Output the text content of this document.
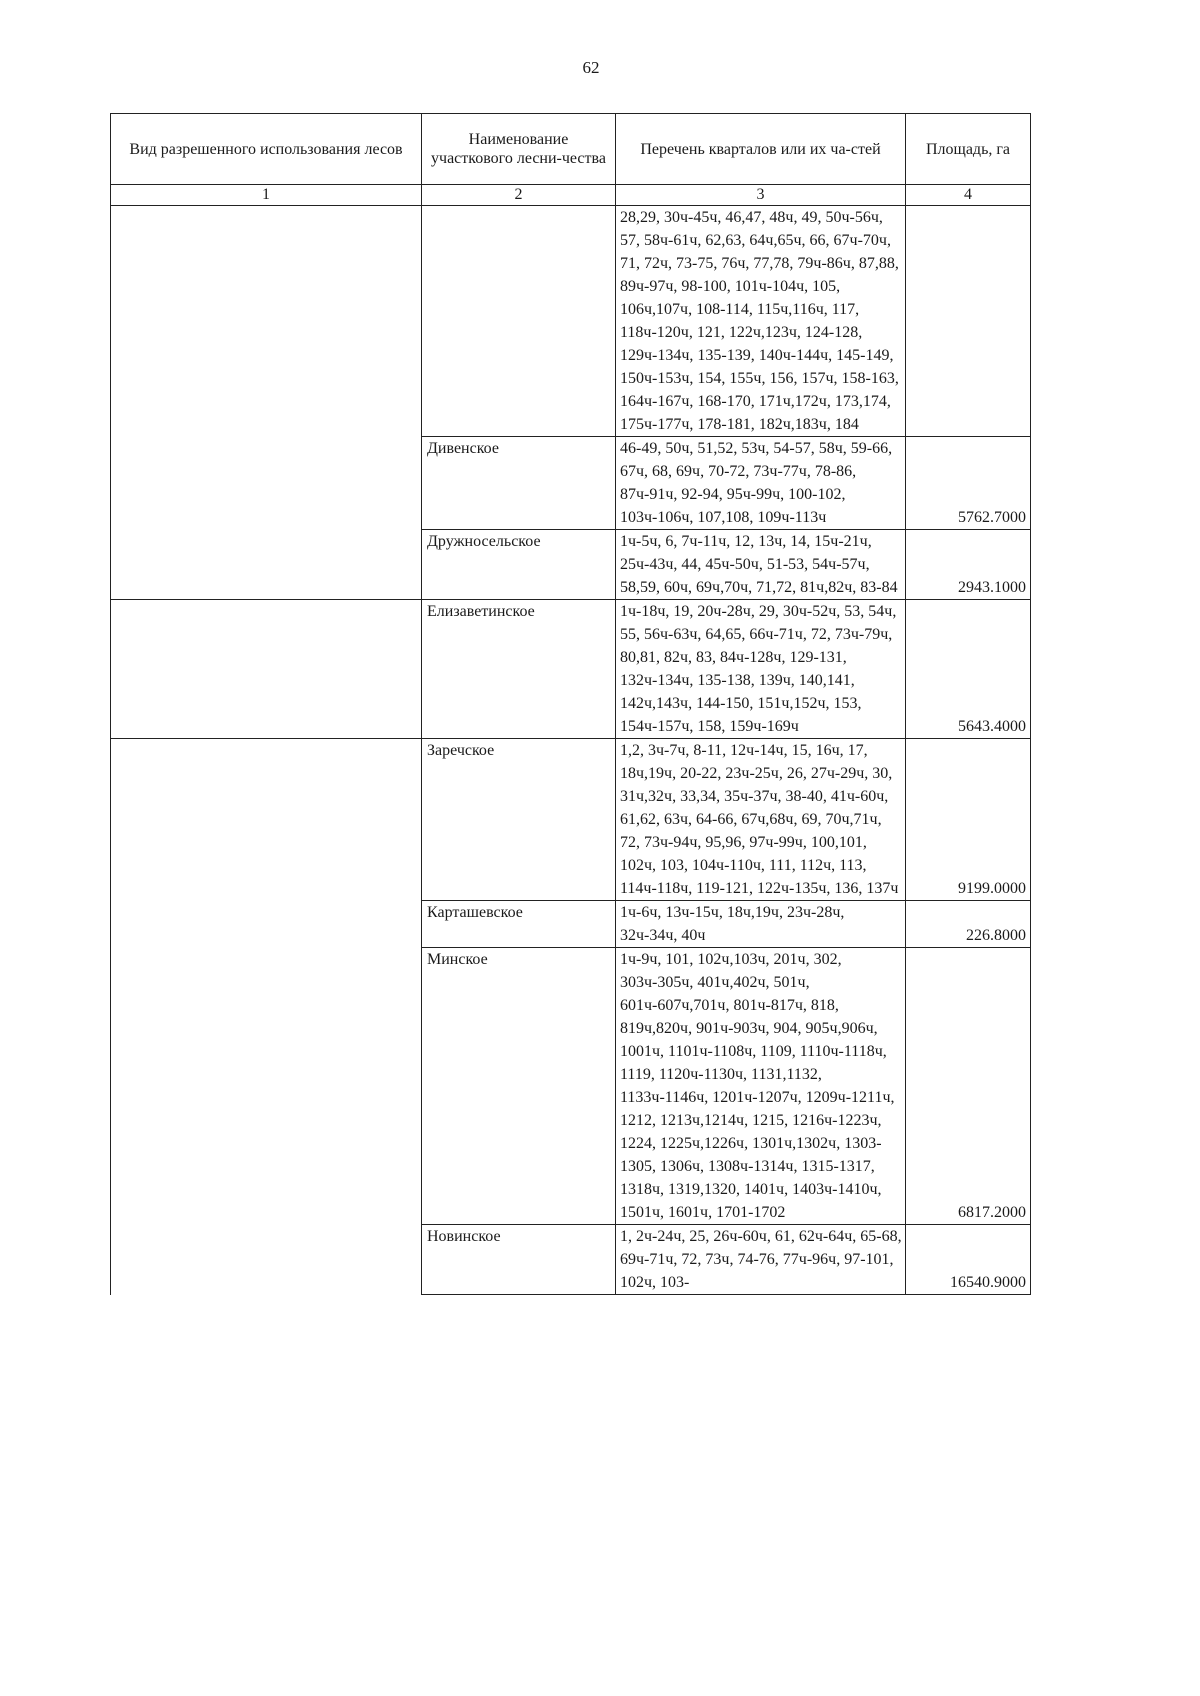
62
Вид разрешенного использования лесов	Наименование участкового лесни-чества	Перечень кварталов или их ча-стей	Площадь, га
1	2	3	4
		28,29, 30ч-45ч, 46,47, 48ч, 49, 50ч-56ч, 57, 58ч-61ч, 62,63, 64ч,65ч, 66, 67ч-70ч, 71, 72ч, 73-75, 76ч, 77,78, 79ч-86ч, 87,88, 89ч-97ч, 98-100, 101ч-104ч, 105, 106ч,107ч, 108-114, 115ч,116ч, 117, 118ч-120ч, 121, 122ч,123ч, 124-128, 129ч-134ч, 135-139, 140ч-144ч, 145-149, 150ч-153ч, 154, 155ч, 156, 157ч, 158-163, 164ч-167ч, 168-170, 171ч,172ч, 173,174, 175ч-177ч, 178-181, 182ч,183ч, 184	
	Дивенское	46-49, 50ч, 51,52, 53ч, 54-57, 58ч, 59-66, 67ч, 68, 69ч, 70-72, 73ч-77ч, 78-86, 87ч-91ч, 92-94, 95ч-99ч, 100-102, 103ч-106ч, 107,108, 109ч-113ч	5762.7000
	Дружносельское	1ч-5ч, 6, 7ч-11ч, 12, 13ч, 14, 15ч-21ч, 25ч-43ч, 44, 45ч-50ч, 51-53, 54ч-57ч, 58,59, 60ч, 69ч,70ч, 71,72, 81ч,82ч, 83-84	2943.1000
	Елизаветинское	1ч-18ч, 19, 20ч-28ч, 29, 30ч-52ч, 53, 54ч, 55, 56ч-63ч, 64,65, 66ч-71ч, 72, 73ч-79ч, 80,81, 82ч, 83, 84ч-128ч, 129-131, 132ч-134ч, 135-138, 139ч, 140,141, 142ч,143ч, 144-150, 151ч,152ч, 153, 154ч-157ч, 158, 159ч-169ч	5643.4000
	Заречское	1,2, 3ч-7ч, 8-11, 12ч-14ч, 15, 16ч, 17, 18ч,19ч, 20-22, 23ч-25ч, 26, 27ч-29ч, 30, 31ч,32ч, 33,34, 35ч-37ч, 38-40, 41ч-60ч, 61,62, 63ч, 64-66, 67ч,68ч, 69, 70ч,71ч, 72, 73ч-94ч, 95,96, 97ч-99ч, 100,101, 102ч, 103, 104ч-110ч, 111, 112ч, 113, 114ч-118ч, 119-121, 122ч-135ч, 136, 137ч	9199.0000
	Карташевское	1ч-6ч, 13ч-15ч, 18ч,19ч, 23ч-28ч, 32ч-34ч, 40ч	226.8000
	Минское	1ч-9ч, 101, 102ч,103ч, 201ч, 302, 303ч-305ч, 401ч,402ч, 501ч, 601ч-607ч,701ч, 801ч-817ч, 818, 819ч,820ч, 901ч-903ч, 904, 905ч,906ч, 1001ч, 1101ч-1108ч, 1109, 1110ч-1118ч, 1119, 1120ч-1130ч, 1131,1132, 1133ч-1146ч, 1201ч-1207ч, 1209ч-1211ч, 1212, 1213ч,1214ч, 1215, 1216ч-1223ч, 1224, 1225ч,1226ч, 1301ч,1302ч, 1303-1305, 1306ч, 1308ч-1314ч, 1315-1317, 1318ч, 1319,1320, 1401ч, 1403ч-1410ч, 1501ч, 1601ч, 1701-1702	6817.2000
	Новинское	1, 2ч-24ч, 25, 26ч-60ч, 61, 62ч-64ч, 65-68, 69ч-71ч, 72, 73ч, 74-76, 77ч-96ч, 97-101, 102ч, 103-	16540.9000
